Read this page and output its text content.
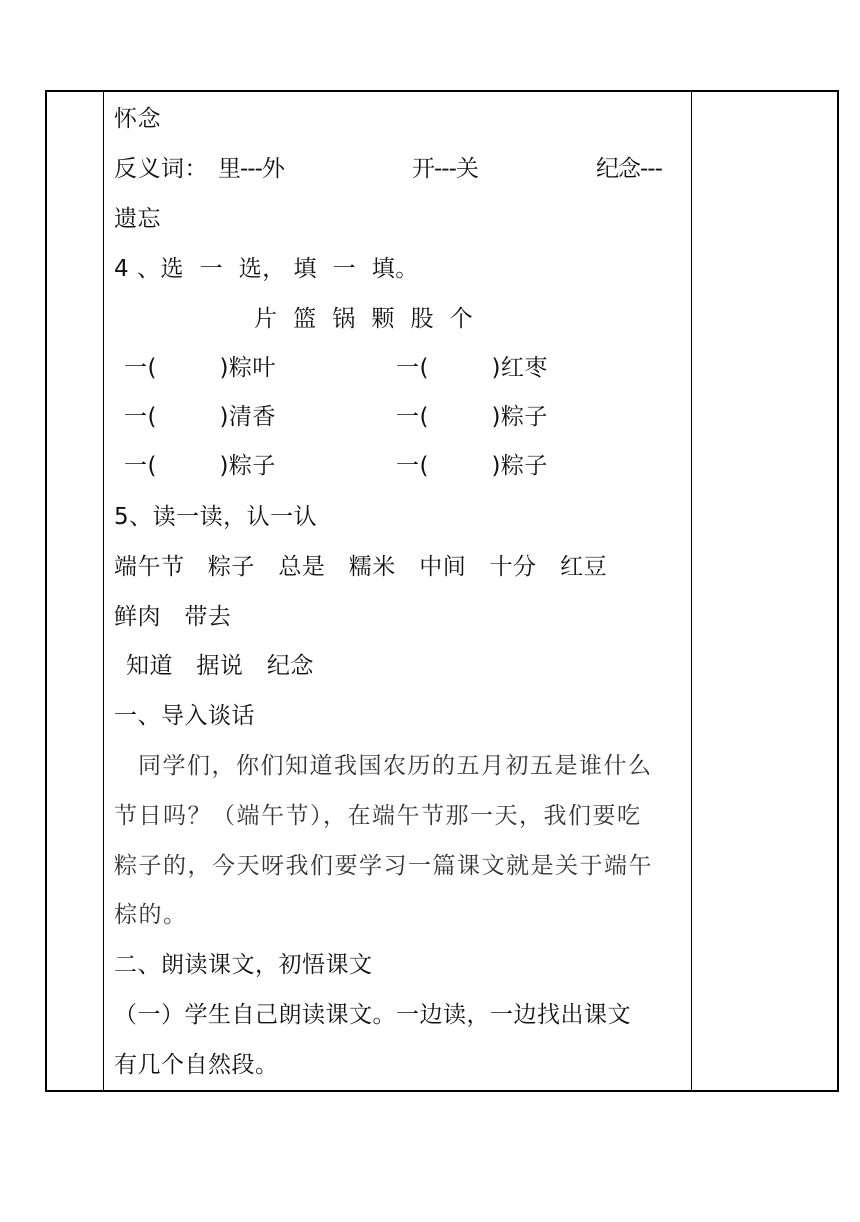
怀念
反义词： 里---外	开---关	纪念---
遗忘
4 、选  一  选， 填  一  填。
片  篮  锅  颗  股  个
一(        )粽叶	一(        )红枣
一(        )清香	一(        )粽子
一(        )粽子	一(        )粽子
5、读一读，认一认
端午节   粽子   总是   糯米   中间   十分   红豆
鲜肉   带去
知道   据说   纪念
一、导入谈话
同学们，你们知道我国农历的五月初五是谁什么
节日吗？（端午节），在端午节那一天，我们要吃
粽子的，今天呀我们要学习一篇课文就是关于端午
棕的。
二、朗读课文，初悟课文
（一）学生自己朗读课文。一边读，一边找出课文
有几个自然段。
